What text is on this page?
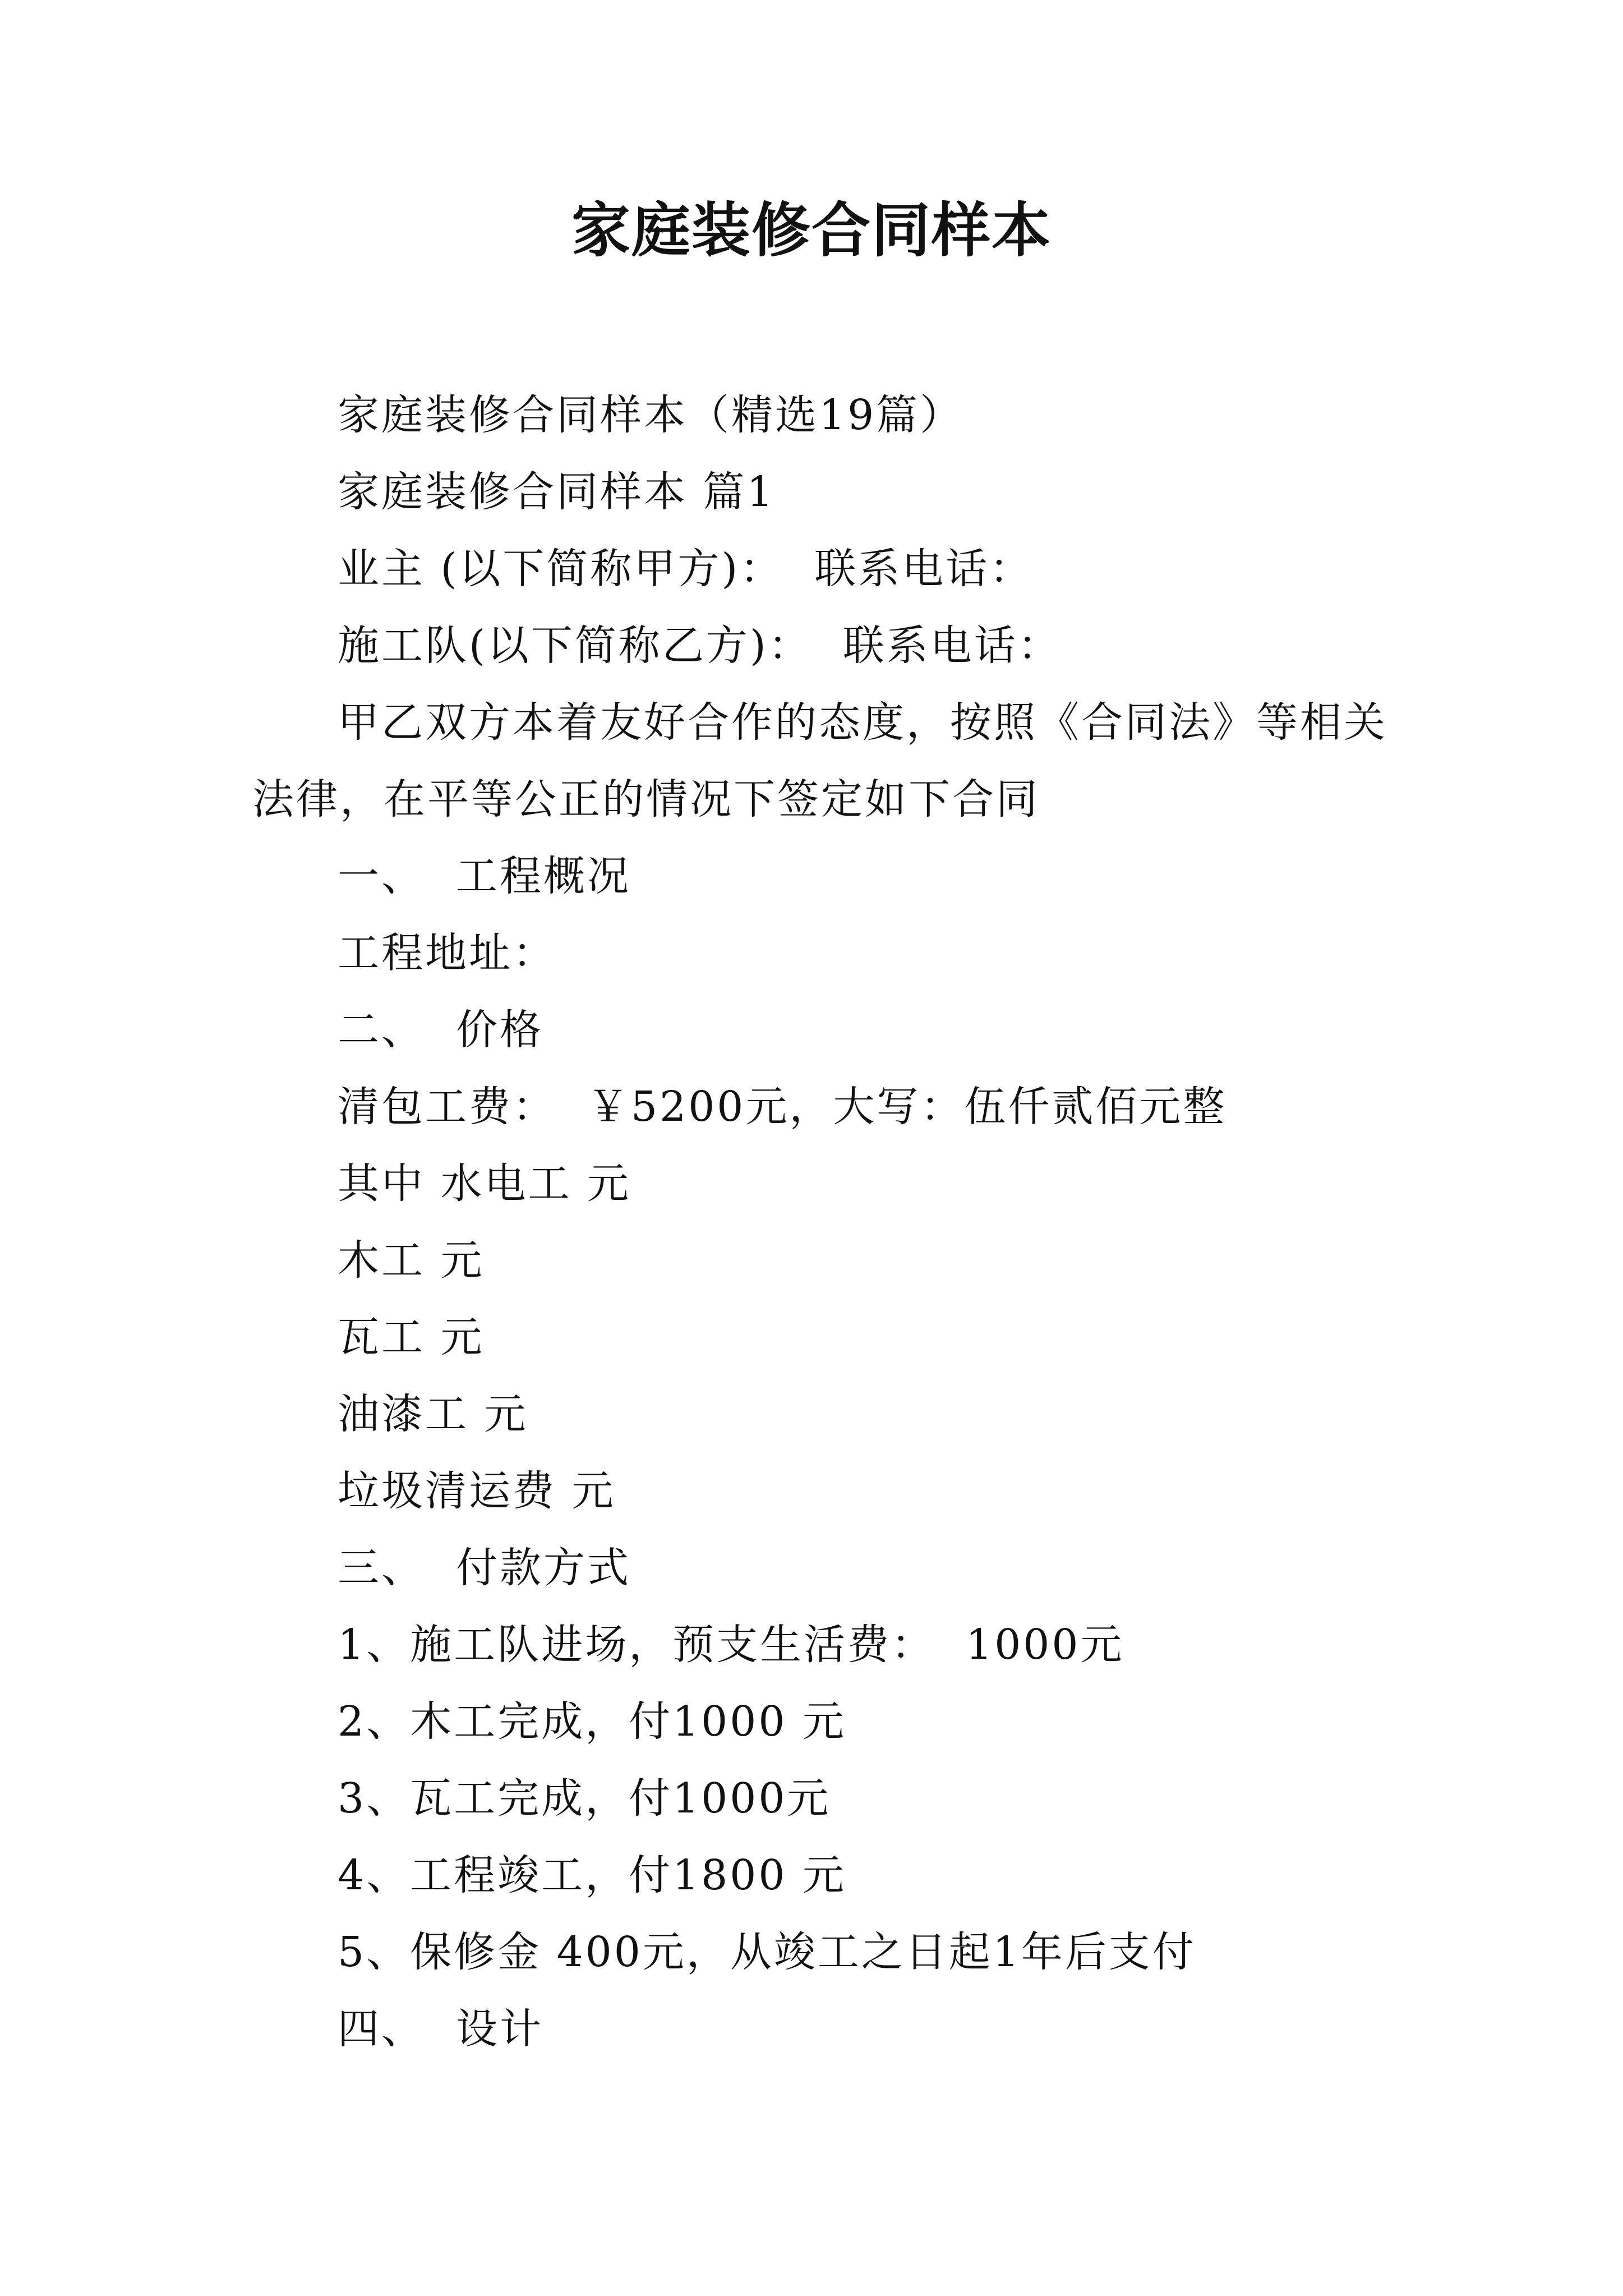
家庭装修合同样本
家庭装修合同样本（精选19篇）
家庭装修合同样本 篇1
业主 (以下简称甲方)：  联系电话：
施工队(以下简称乙方)：  联系电话：
甲乙双方本着友好合作的态度，按照《合同法》等相关
法律，在平等公正的情况下签定如下合同
一、  工程概况
工程地址：
二、  价格
清包工费：  ￥5200元，大写：伍仟贰佰元整
其中 水电工 元
木工 元
瓦工 元
油漆工 元
垃圾清运费 元
三、  付款方式
1、施工队进场，预支生活费：  1000元
2、木工完成，付1000 元
3、瓦工完成，付1000元
4、工程竣工，付1800 元
5、保修金 400元，从竣工之日起1年后支付
四、  设计
